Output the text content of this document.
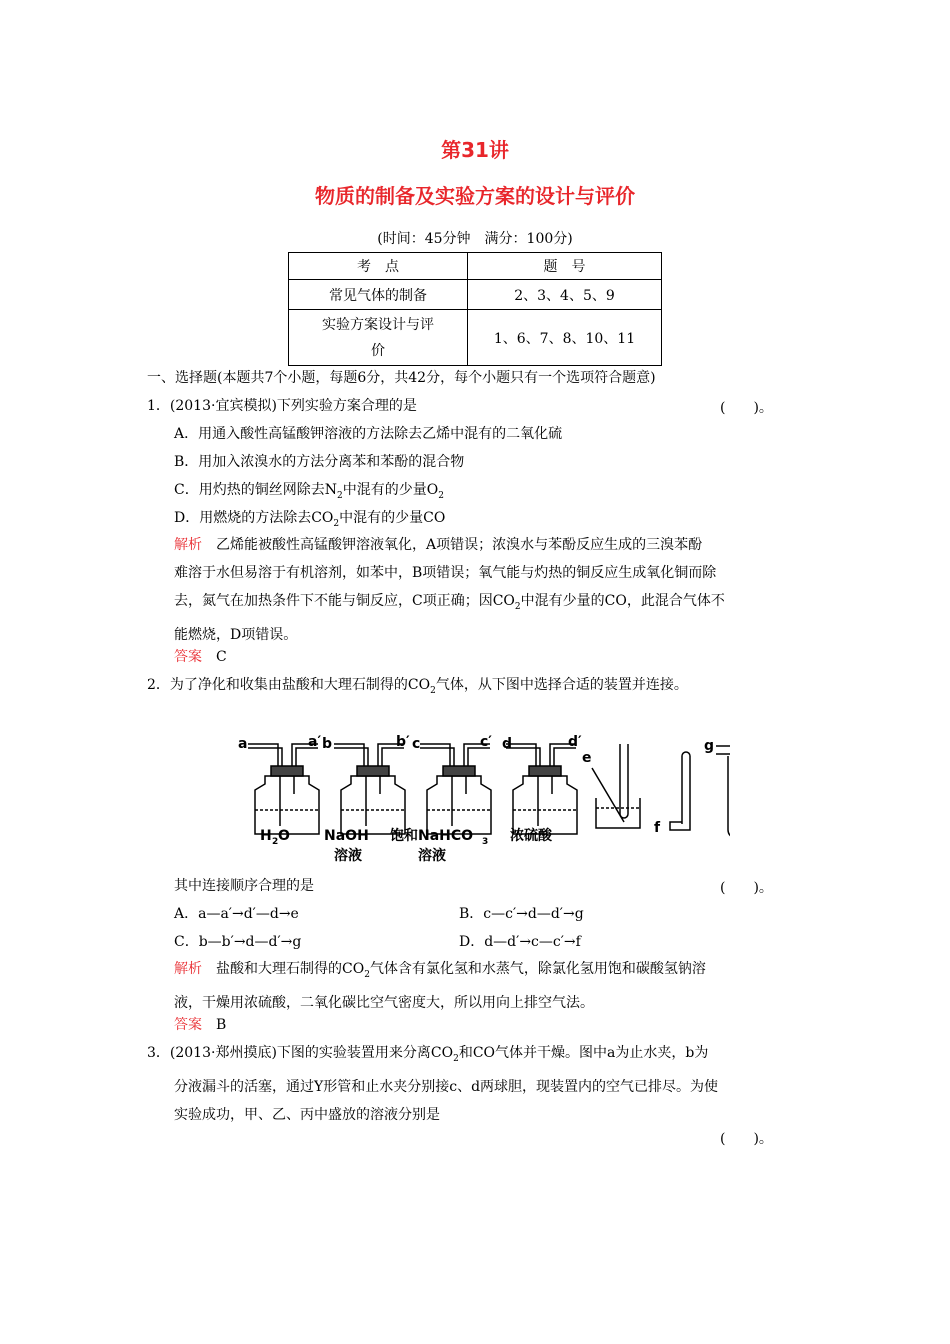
第31讲
物质的制备及实验方案的设计与评价
(时间：45分钟　满分：100分)
考　点	题　号
常见气体的制备	2、3、4、5、9
实验方案设计与评
价	1、6、7、8、10、11
一、选择题(本题共7个小题，每题6分，共42分，每个小题只有一个选项符合题意)
1．(2013·宜宾模拟)下列实验方案合理的是	(　　)。
A．用通入酸性高锰酸钾溶液的方法除去乙烯中混有的二氧化硫
B．用加入浓溴水的方法分离苯和苯酚的混合物
C．用灼热的铜丝网除去$N_2$中混有的少量$O_2$
D．用燃烧的方法除去$CO_2$中混有的少量CO
解析　 乙烯能被酸性高锰酸钾溶液氧化，A项错误；浓溴水与苯酚反应生成的三溴苯酚
难溶于水但易溶于有机溶剂，如苯中，B项错误；氧气能与灼热的铜反应生成氧化铜而除
去，氮气在加热条件下不能与铜反应，C项正确；因$CO_2$中混有少量的CO，此混合气体不
能燃烧，D项错误。
答案　 C
2．为了净化和收集由盐酸和大理石制得的$CO_2$气体，从下图中选择合适的装置并连接。
a	a′ b	b′ c	c′ d	d′
e
f
g
H 2 O NaOH
溶液
饱和NaHCO 3
溶液
浓硫酸
其中连接顺序合理的是	(　　)。
A．a—a′→d′—d→e	B．c—c′→d—d′→g
C．b—b′→d—d′→g	D．d—d′→c—c′→f
解析　 盐酸和大理石制得的$CO_2$气体含有氯化氢和水蒸气，除氯化氢用饱和碳酸氢钠溶
液，干燥用浓硫酸，二氧化碳比空气密度大，所以用向上排空气法。
答案　 B
3．(2013·郑州摸底)下图的实验装置用来分离$CO_2$和CO气体并干燥。图中a为止水夹，b为
分液漏斗的活塞，通过Y形管和止水夹分别接c、d两球胆，现装置内的空气已排尽。为使
实验成功，甲、乙、丙中盛放的溶液分别是
(　　)。
